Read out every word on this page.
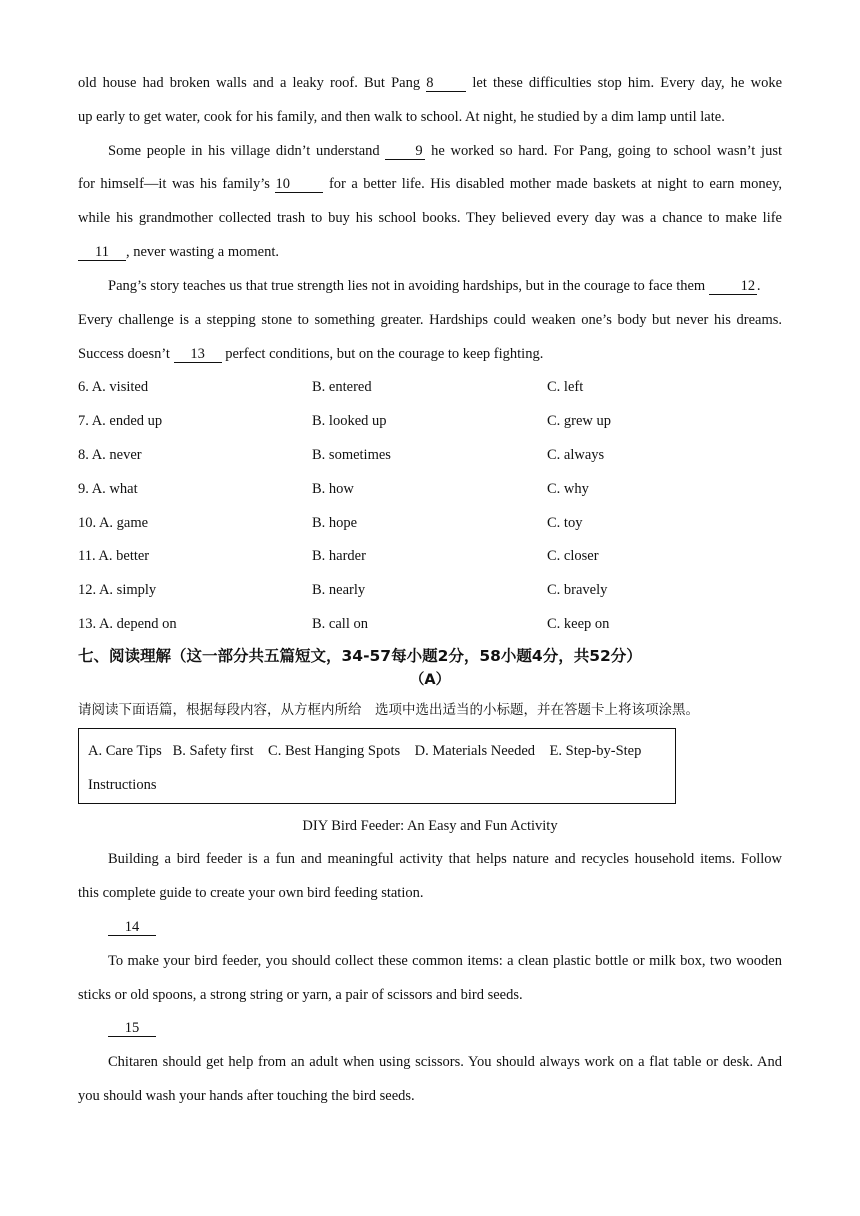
old house had broken walls and a leaky roof. But Pang 8	let these difficulties stop him. Every day, he woke
up early to get water, cook for his family, and then walk to school. At night, he studied by a dim lamp until late.
Some people in his village didn’t understand 9 he worked so hard. For Pang, going to school wasn’t just
for himself—it was his family’s 10	for a better life. His disabled mother made baskets at night to earn money,
while his grandmother collected trash to buy his school books. They believed every day was a chance to make life
11 , never wasting a moment.
Pang’s story teaches us that true strength lies not in avoiding hardships, but in the courage to face them 12 .
Every challenge is a stepping stone to something greater. Hardships could weaken one’s body but never his dreams.
Success doesn’t 13 perfect conditions, but on the courage to keep fighting.
6. A. visited	B. entered	C. left
7. A. ended up	B. looked up	C. grew up
8. A. never	B. sometimes	C. always
9. A. what	B. how	C. why
10. A. game	B. hope	C. toy
11. A. better	B. harder	C. closer
12. A. simply	B. nearly	C. bravely
13. A. depend on	B. call on	C. keep on
七、阅读理解（这一部分共五篇短文，34-57每小题2分，58小题4分，共52分）
（A）
请阅读下面语篇，根据每段内容，从方框内所给　选项中选出适当的小标题，并在答题卡上将该项涂黑。
A. Care Tips   B. Safety first    C. Best Hanging Spots    D. Materials Needed    E. Step-by-Step
Instructions
DIY Bird Feeder: An Easy and Fun Activity
Building a bird feeder is a fun and meaningful activity that helps nature and recycles household items. Follow
this complete guide to create your own bird feeding station.
14
To make your bird feeder, you should collect these common items: a clean plastic bottle or milk box, two wooden
sticks or old spoons, a strong string or yarn, a pair of scissors and bird seeds.
15
Chitaren should get help from an adult when using scissors. You should always work on a flat table or desk. And
you should wash your hands after touching the bird seeds.
